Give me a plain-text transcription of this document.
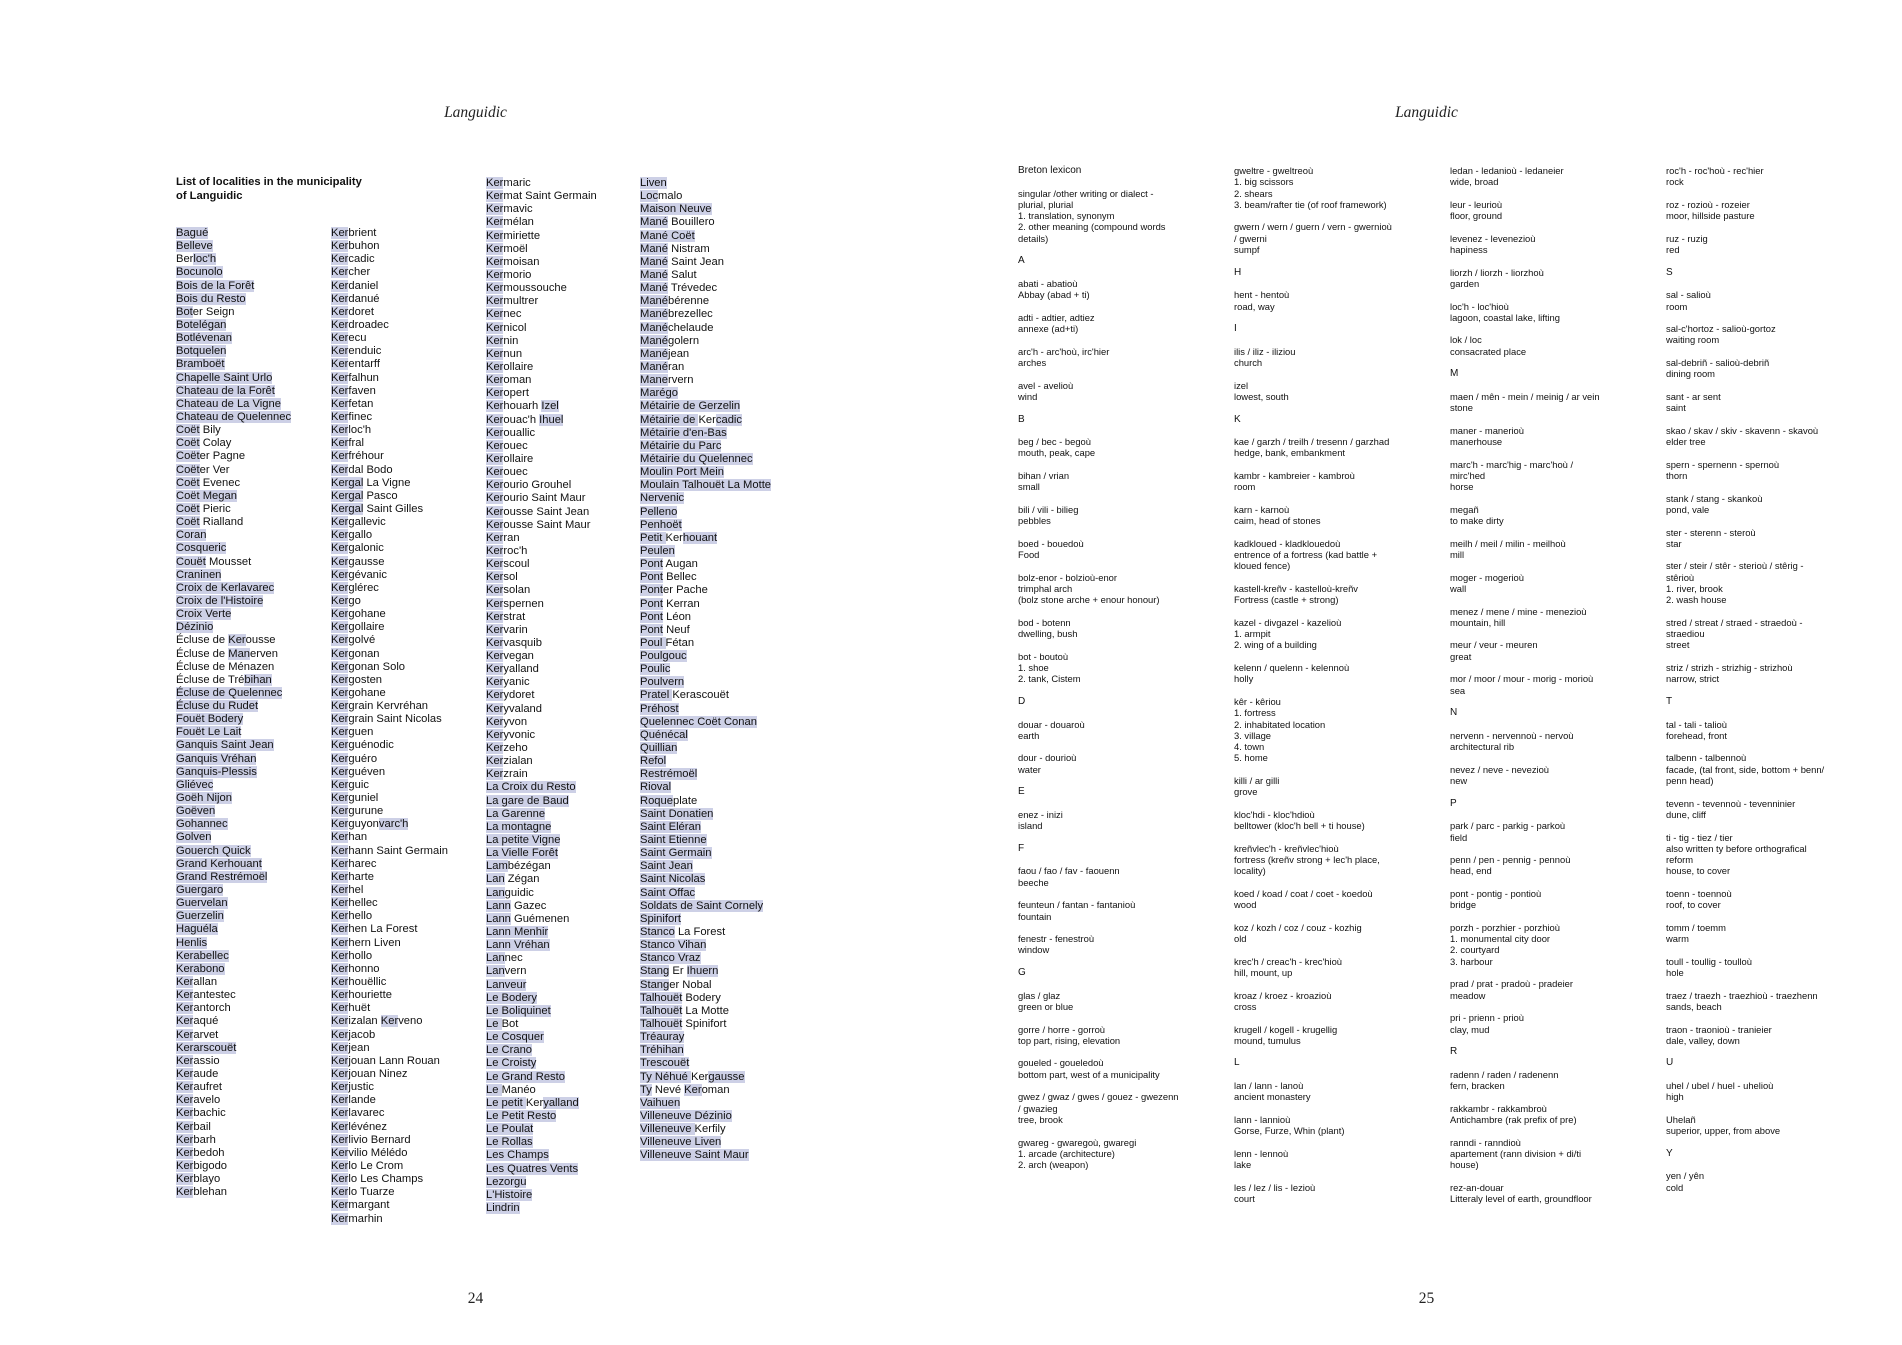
Languidic
List of localities in the municipality
of Languidic
Bagué
Belleve
Berloc'h
Bocunolo
Bois de la Forêt
Bois du Resto
Boter Seign
Botelégan
Botlévenan
Botquelen
Bramboët
Chapelle Saint Urlo
Chateau de la Forêt
Chateau de La Vigne
Chateau de Quelennec
Coët Bily
Coët Colay
Coëter Pagne
Coëter Ver
Coët Evenec
Coët Megan
Coët Pieric
Coët Rialland
Coran
Cosqueric
Couët Mousset
Craninen
Croix de Kerlavarec
Croix de l'Histoire
Croix Verte
Dézinio
Écluse de Kerousse
Écluse de Manerven
Écluse de Ménazen
Écluse de Trébihan
Écluse de Quelennec
Écluse du Rudet
Fouët Bodery
Fouët Le Lait
Ganquis Saint Jean
Ganquis Vréhan
Ganquis-Plessis
Gliévec
Goëh Nijon
Goëven
Gohannec
Golven
Gouerch Quick
Grand Kerhouant
Grand Restrémoël
Guergaro
Guervelan
Guerzelin
Haguéla
Henlis
Kerabellec
Kerabono
Kerallan
Kerantestec
Kerantorch
Keraqué
Kerarvet
Kerarscouët
Kerassio
Keraude
Keraufret
Keravelo
Kerbachic
Kerbail
Kerbarh
Kerbedoh
Kerbigodo
Kerblayo
Kerblehan
Kerbrient
Kerbuhon
Kercadic
Kercher
Kerdaniel
Kerdanué
Kerdoret
Kerdroadec
Kerecu
Kerenduic
Kerentarff
Kerfalhun
Kerfaven
Kerfetan
Kerfinec
Kerloc'h
Kerfral
Kerfréhour
Kerdal Bodo
Kergal La Vigne
Kergal Pasco
Kergal Saint Gilles
Kergallevic
Kergallo
Kergalonic
Kergausse
Kergévanic
Kerglérec
Kergo
Kergohane
Kergollaire
Kergolvé
Kergonan
Kergonan Solo
Kergosten
Kergohane
Kergrain Kervréhan
Kergrain Saint Nicolas
Kerguen
Kerguénodic
Kerguéro
Kerguéven
Kerguic
Kerguniel
Kergurune
Kerguyonvarc'h
Kerhan
Kerhann Saint Germain
Kerharec
Kerharte
Kerhel
Kerhellec
Kerhello
Kerhen La Forest
Kerhern Liven
Kerhollo
Kerhonno
Kerhouëllic
Kerhouriette
Kerhuët
Kerizalan Kerveno
Kerjacob
Kerjean
Kerjouan Lann Rouan
Kerjouan Ninez
Kerjustic
Kerlande
Kerlavarec
Kerlévénez
Kerlivio Bernard
Kervilio Mélédo
Kerlo Le Crom
Kerlo Les Champs
Kerlo Tuarze
Kermargant
Kermarhin
Kermaric
Kermat Saint Germain
Kermavic
Kermélan
Kermiriette
Kermoël
Kermoisan
Kermorio
Kermoussouche
Kermultrer
Kernec
Kernicol
Kernin
Kernun
Kerollaire
Keroman
Keropert
Kerhouarh Izel
Kerouac'h Ihuel
Kerouallic
Kerouec
Kerollaire
Kerouec
Kerourio Grouhel
Kerourio Saint Maur
Kerousse Saint Jean
Kerousse Saint Maur
Kerran
Kerroc'h
Kerscoul
Kersol
Kersolan
Kerspernen
Kerstrat
Kervarin
Kervasquib
Kervegan
Keryalland
Keryanic
Kerydoret
Keryvaland
Keryvon
Keryvonic
Kerzeho
Kerzialan
Kerzrain
La Croix du Resto
La gare de Baud
La Garenne
La montagne
La petite Vigne
La Vielle Forêt
Lambézégan
Lan Zégan
Languidic
Lann Gazec
Lann Guémenen
Lann Menhir
Lann Vréhan
Lannec
Lanvern
Lanveur
Le Bodery
Le Boliquinet
Le Bot
Le Cosquer
Le Crano
Le Croisty
Le Grand Resto
Le Manéo
Le petit Keryalland
Le Petit Resto
Le Poulat
Le Rollas
Les Champs
Les Quatres Vents
Lezorgu
L'Histoire
Lindrin
Liven
Locmalo
Maison Neuve
Mané Bouillero
Mané Coët
Mané Nistram
Mané Saint Jean
Mané Salut
Mané Trévedec
Manébérenne
Manébrezellec
Manéchelaude
Manégolern
Manéjean
Manéran
Manervern
Marégo
Métairie de Gerzelin
Métairie de Kercadic
Métairie d'en-Bas
Métairie du Parc
Métairie du Quelennec
Moulin Port Mein
Moulain Talhouët La Motte
Nervenic
Pelleno
Penhoët
Petit Kerhouant
Peulen
Pont Augan
Pont Bellec
Ponter Pache
Pont Kerran
Pont Léon
Pont Neuf
Poul Fétan
Poulgouc
Poulic
Poulvern
Pratel Kerascouët
Préhost
Quelennec Coët Conan
Quénécal
Quillian
Refol
Restrémoël
Rioval
Roqueplate
Saint Donatien
Saint Eléran
Saint Etienne
Saint Germain
Saint Jean
Saint Nicolas
Saint Offac
Soldats de Saint Cornely
Spinifort
Stanco La Forest
Stanco Vihan
Stanco Vraz
Stang Er Ihuern
Stanger Nobal
Talhouët Bodery
Talhouët La Motte
Talhouët Spinifort
Tréauray
Tréhihan
Trescouët
Ty Néhué Kergausse
Ty Nevé Keroman
Vaihuen
Villeneuve Dézinio
Villeneuve Kerfily
Villeneuve Liven
Villeneuve Saint Maur
24
Languidic
Breton lexicon
singular /other writing or dialect -
plurial, plurial
1. translation, synonym
2. other meaning (compound words
details)
A
abati - abatioù
Abbay (abad + ti)
adti - adtier, adtiez
annexe (ad+ti)
arc'h - arc'hoù, irc'hier
arches
avel - avelioù
wind
B
beg / bec - begoù
mouth, peak, cape
bihan / vrian
small
bili / vili - bilieg
pebbles
boed - bouedoù
Food
bolz-enor - bolzioù-enor
trimphal arch
(bolz stone arche + enour honour)
bod - botenn
dwelling, bush
bot - boutoù
1. shoe
2. tank, Cistem
D
douar - douaroù
earth
dour - dourioù
water
E
enez - inizi
island
F
faou / fao / fav - faouenn
beeche
feunteun / fantan - fantanioù
fountain
fenestr - fenestroù
window
G
glas / glaz
green or blue
gorre / horre - gorroù
top part, rising, elevation
goueled - goueledoù
bottom part, west of a municipality
gwez / gwaz / gwes / gouez - gwezenn
/ gwazieg
tree, brook
gwareg - gwaregoù, gwaregi
1. arcade (architecture)
2. arch (weapon)
gweltre - gweltreoù
1. big scissors
2. shears
3. beam/rafter tie (of roof framework)
gwern / wern / guern / vern - gwernioù
/ gwerni
sumpf
H
hent - hentoù
road, way
I
ilis / iliz - iliziou
church
izel
lowest, south
K
kae / garzh / treilh / tresenn / garzhad
hedge, bank, embankment
kambr - kambreier - kambroù
room
karn - karnoù
caim, head of stones
kadkloued - kladklouedoù
entrence of a fortress (kad battle +
kloued fence)
kastell-kreñv - kastelloù-kreñv
Fortress (castle + strong)
kazel - divgazel - kazelioù
1. armpit
2. wing of a building
kelenn / quelenn - kelennoù
holly
kêr - kêriou
1. fortress
2. inhabitated location
3. village
4. town
5. home
killi / ar gilli
grove
kloc'hdi - kloc'hdioù
belltower (kloc'h bell + ti house)
kreñvlec'h - kreñvlec'hioù
fortress (kreñv strong + lec'h place,
locality)
koed / koad / coat / coet - koedoù
wood
koz / kozh / coz / couz - kozhig
old
krec'h / creac'h - krec'hioù
hill, mount, up
kroaz / kroez - kroazioù
cross
krugell / kogell - krugellig
mound, tumulus
L
lan / lann - lanoù
ancient monastery
lann - lannioù
Gorse, Furze, Whin (plant)
lenn - lennoù
lake
les / lez / lis - lezioù
court
ledan - ledanioù - ledaneier
wide, broad
leur - leurioù
floor, ground
levenez - levenezioù
hapiness
liorzh / liorzh - liorzhoù
garden
loc'h - loc'hioù
lagoon, coastal lake, lifting
lok / loc
consacrated place
M
maen / mên - mein / meinig / ar vein
stone
maner - manerioù
manerhouse
marc'h - marc'hig - marc'hoù /
mirc'hed
horse
megañ
to make dirty
meilh / meil / milin - meilhoù
mill
moger - mogerioù
wall
menez / mene / mine - menezioù
mountain, hill
meur / veur - meuren
great
mor / moor / mour - morig - morioù
sea
N
nervenn - nervennoù - nervoù
architectural rib
nevez / neve - nevezioù
new
P
park / parc - parkig - parkoù
field
penn / pen - pennig - pennoù
head, end
pont - pontig - pontioù
bridge
porzh - porzhier - porzhioù
1. monumental city door
2. courtyard
3. harbour
prad / prat - pradoù - pradeier
meadow
pri - prienn - prioù
clay, mud
R
radenn / raden / radenenn
fern, bracken
rakkambr - rakkambroù
Antichambre (rak prefix of pre)
ranndi - ranndioù
apartement (rann division + di/ti
house)
rez-an-douar
Litteraly level of earth, groundfloor
roc'h - roc'hoù - rec'hier
rock
roz - rozioù - rozeier
moor, hillside pasture
ruz - ruzig
red
S
sal - salioù
room
sal-c'hortoz - salioù-gortoz
waiting room
sal-debriñ - salioù-debriñ
dining room
sant - ar sent
saint
skao / skav / skiv - skavenn - skavoù
elder tree
spern - spernenn - spernoù
thorn
stank / stang - skankoù
pond, vale
ster - sterenn - steroù
star
ster / steir / stêr - sterioù / stêrig -
stêrioù
1. river, brook
2. wash house
stred / streat / straed - straedoù -
straediou
street
striz / strizh - strizhig - strizhoù
narrow, strict
T
tal - tali - talioù
forehead, front
talbenn - talbennoù
facade, (tal front, side, bottom + benn/
penn head)
tevenn - tevennoù - tevenninier
dune, cliff
ti - tig - tiez / tier
also written ty before orthografical
reform
house, to cover
toenn - toennoù
roof, to cover
tomm / toemm
warm
toull - toullig - toulloù
hole
traez / traezh - traezhioù - traezhenn
sands, beach
traon - traonioù - tranieier
dale, valley, down
U
uhel / ubel / huel - uhelioù
high
Uhelañ
superior, upper, from above
Y
yen / yên
cold
25
